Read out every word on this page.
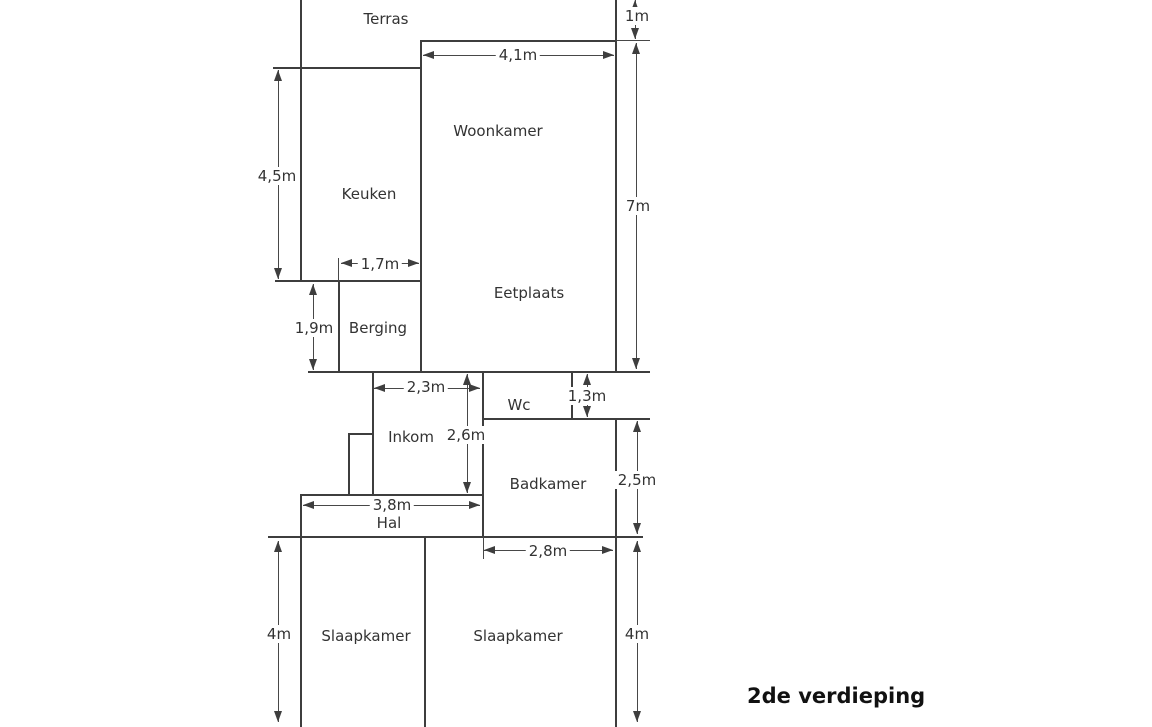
1m
4,1m
4,5m
7m
1,7m
1,9m
2,3m	1,3m
2,6m
2,5m
3,8m
2,8m
4m	4m
Terras
Woonkamer
Keuken
Eetplaats
Berging
Wc
Inkom
Badkamer
Hal
Slaapkamer	Slaapkamer
2de verdieping
